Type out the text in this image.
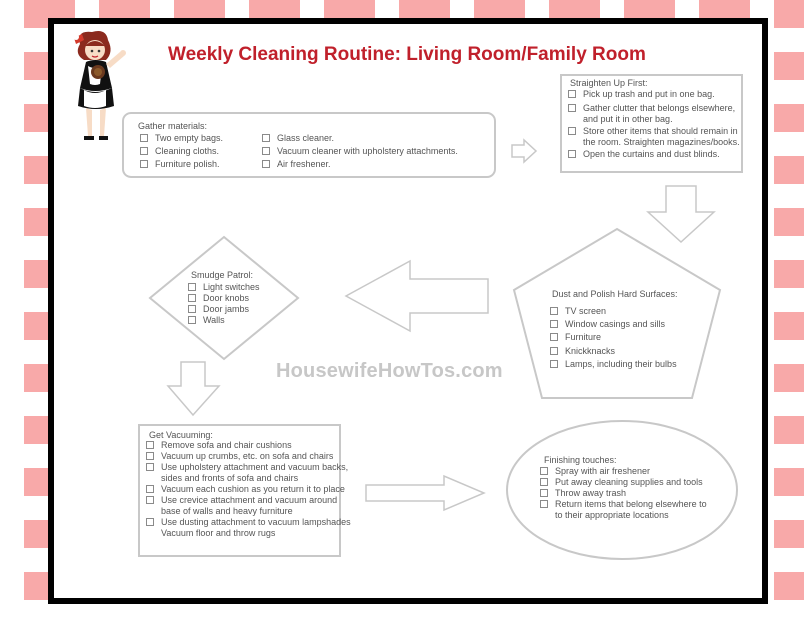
Weekly Cleaning Routine: Living Room/Family Room
Gather materials:
Two empty bags.
Cleaning cloths.
Furniture polish.
Glass cleaner.
Vacuum cleaner with upholstery attachments.
Air freshener.
Straighten Up First:
Pick up trash and put in one bag.
Gather clutter that belongs elsewhere,
and put it in other bag.
Store other items that should remain in
the room. Straighten magazines/books.
Open the curtains and dust blinds.
Dust and Polish Hard Surfaces:
TV screen
Window casings and sills
Furniture
Knickknacks
Lamps, including their bulbs
Smudge Patrol:
Light switches
Door knobs
Door jambs
Walls
Get Vacuuming:
Remove sofa and chair cushions
Vacuum up crumbs, etc. on sofa and chairs
Use upholstery attachment and vacuum backs,
sides and fronts of sofa and chairs
Vacuum each cushion as you return it to place
Use crevice attachment and vacuum around
base of walls and heavy furniture
Use dusting attachment to vacuum lampshades
Vacuum floor and throw rugs
Finishing touches:
Spray with air freshener
Put away cleaning supplies and tools
Throw away trash
Return items that belong elsewhere to
to their appropriate locations
HousewifeHowTos.com
